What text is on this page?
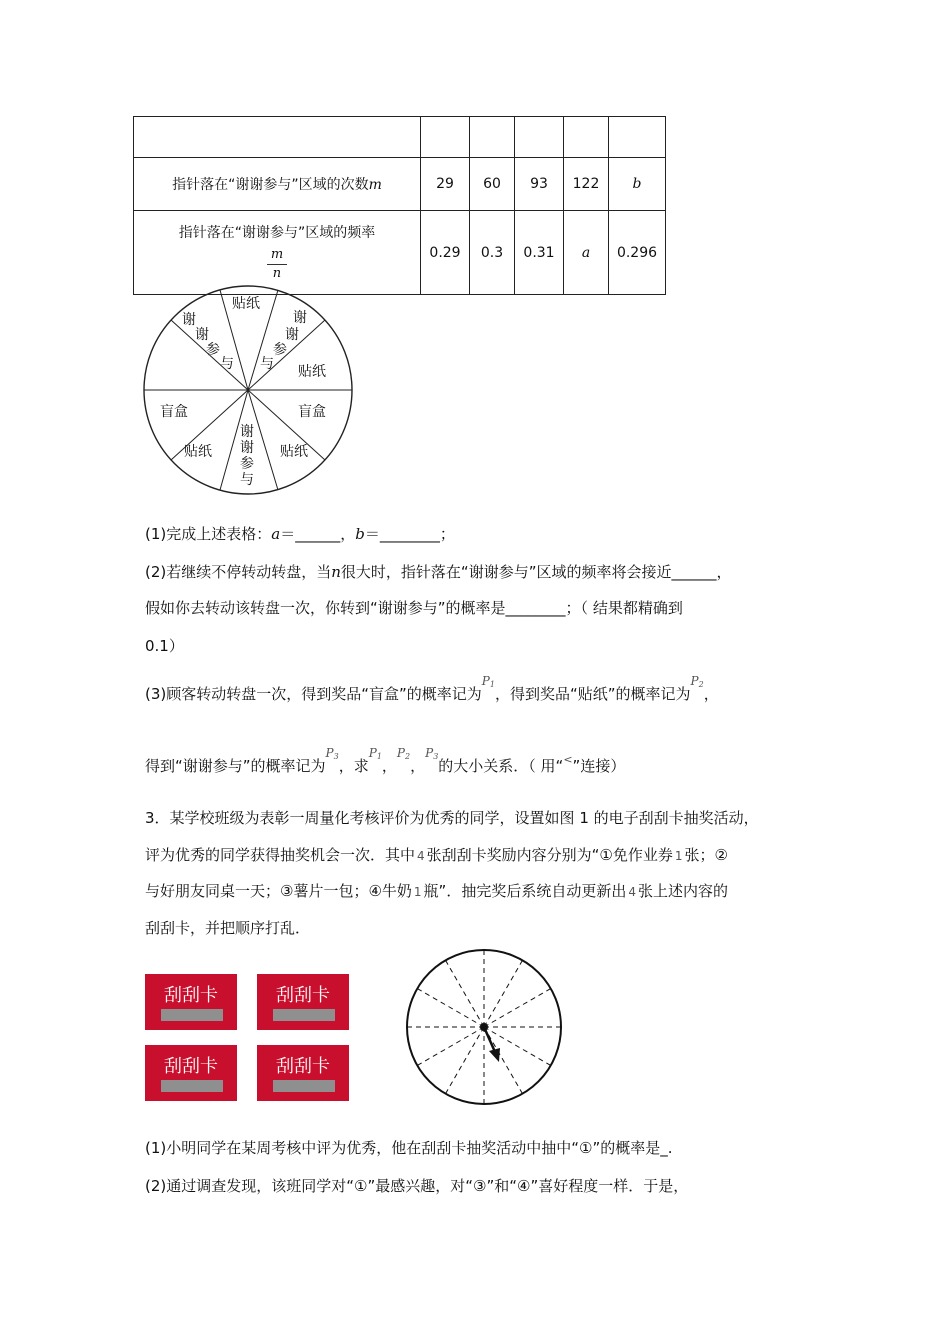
指针落在“谢谢参与”区域的次数m	29	60	93	122	b

指针落在“谢谢参与”区域的频率
$\frac{m}{n}$	0.29	0.3	0.31	a	0.296
贴纸
谢
谢
参
与 贴纸
盲盒
贴纸
谢
谢
参
与
贴纸
盲盒
谢
谢
参
与
(1)完成上述表格：a＝______，b＝________；
(2)若继续不停转动转盘，当n很大时，指针落在“谢谢参与”区域的频率将会接近______，
假如你去转动该转盘一次，你转到“谢谢参与”的概率是________；（ 结果都精确到
0.1）
(3)顾客转动转盘一次，得到奖品“盲盒”的概率记为$^{P_1}$，得到奖品“贴纸”的概率记为$^{P_2}$，
得到“谢谢参与”的概率记为$^{P_3}$，求$^{P_1}$，$^{P_2}$，$^{P_3}$的大小关系．（ 用“<”连接）
3．某学校班级为表彰一周量化考核评价为优秀的同学，设置如图 1 的电子刮刮卡抽奖活动，
评为优秀的同学获得抽奖机会一次．其中 4 张刮刮卡奖励内容分别为“①免作业券 1 张；②
与好朋友同桌一天；③薯片一包；④牛奶 1 瓶”．抽完奖后系统自动更新出 4 张上述内容的
刮刮卡，并把顺序打乱．
刮刮卡	刮刮卡
刮刮卡	刮刮卡
(1)小明同学在某周考核中评为优秀，他在刮刮卡抽奖活动中抽中“①”的概率是_.
(2)通过调查发现，该班同学对“①”最感兴趣，对“③”和“④”喜好程度一样．于是，
